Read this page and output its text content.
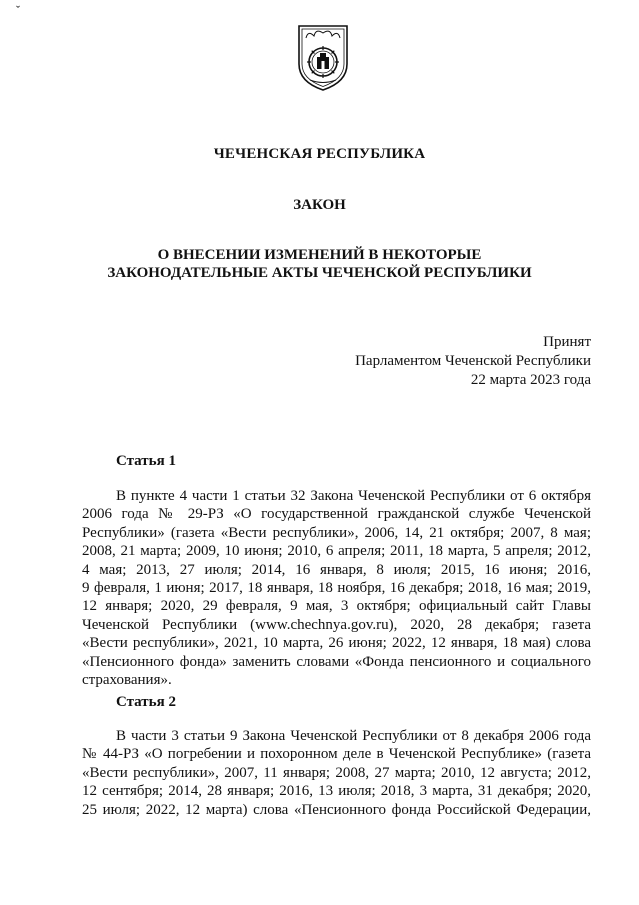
ˇ
ЧЕЧЕНСКАЯ РЕСПУБЛИКА
ЗАКОН
О ВНЕСЕНИИ ИЗМЕНЕНИЙ В НЕКОТОРЫЕ
ЗАКОНОДАТЕЛЬНЫЕ АКТЫ ЧЕЧЕНСКОЙ РЕСПУБЛИКИ
Принят
Парламентом Чеченской Республики
22 марта 2023 года
Статья 1
В пункте 4 части 1 статьи 32 Закона Чеченской Республики от 6 октября
2006 года № 29-РЗ «О государственной гражданской службе Чеченской
Республики» (газета «Вести республики», 2006, 14, 21 октября; 2007, 8 мая;
2008, 21 марта; 2009, 10 июня; 2010, 6 апреля; 2011, 18 марта, 5 апреля; 2012,
4 мая; 2013, 27 июля; 2014, 16 января, 8 июля; 2015, 16 июня; 2016,
9 февраля, 1 июня; 2017, 18 января, 18 ноября, 16 декабря; 2018, 16 мая; 2019,
12 января; 2020, 29 февраля, 9 мая, 3 октября; официальный сайт Главы
Чеченской Республики (www.chechnya.gov.ru), 2020, 28 декабря; газета
«Вести республики», 2021, 10 марта, 26 июня; 2022, 12 января, 18 мая) слова
«Пенсионного фонда» заменить словами «Фонда пенсионного и социального
страхования».
Статья 2
В части 3 статьи 9 Закона Чеченской Республики от 8 декабря 2006 года
№ 44-РЗ «О погребении и похоронном деле в Чеченской Республике» (газета
«Вести республики», 2007, 11 января; 2008, 27 марта; 2010, 12 августа; 2012,
12 сентября; 2014, 28 января; 2016, 13 июля; 2018, 3 марта, 31 декабря; 2020,
25 июля; 2022, 12 марта) слова «Пенсионного фонда Российской Федерации,
